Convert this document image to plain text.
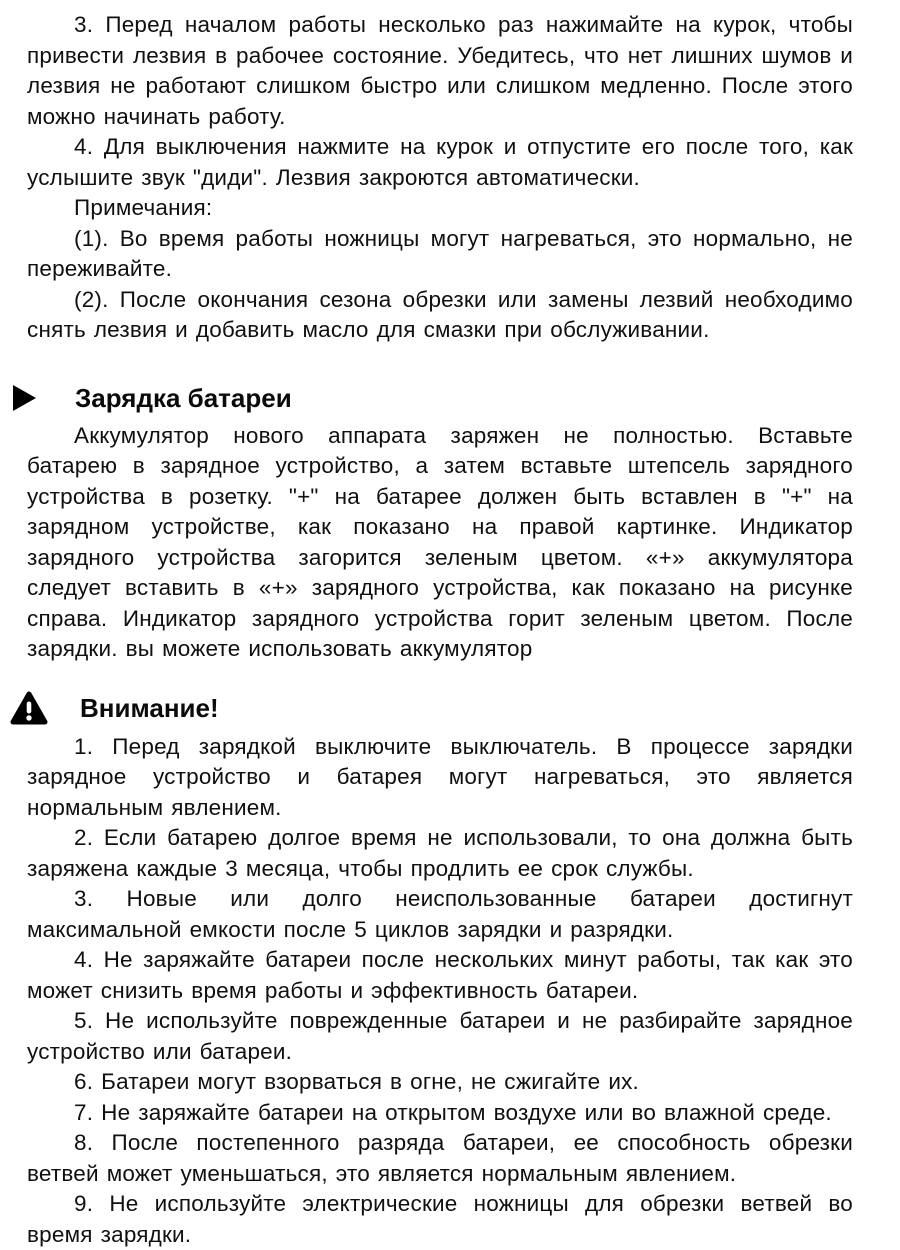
3. Перед началом работы несколько раз нажимайте на курок, чтобы привести лезвия в рабочее состояние. Убедитесь, что нет лишних шумов и лезвия не работают слишком быстро или слишком медленно. После этого можно начинать работу.

4. Для выключения нажмите на курок и отпустите его после того, как услышите звук "диди". Лезвия закроются автоматически.

Примечания:

(1). Во время работы ножницы могут нагреваться, это нормально, не переживайте.

(2). После окончания сезона обрезки или замены лезвий необходимо снять лезвия и добавить масло для смазки при обслуживании.

Зарядка батареи

Аккумулятор нового аппарата заряжен не полностью. Вставьте батарею в зарядное устройство, а затем вставьте штепсель зарядного устройства в розетку. "+" на батарее должен быть вставлен в "+" на зарядном устройстве, как показано на правой картинке. Индикатор зарядного устройства загорится зеленым цветом. «+» аккумулятора следует вставить в «+» зарядного устройства, как показано на рисунке справа. Индикатор зарядного устройства горит зеленым цветом. После зарядки. вы можете использовать аккумулятор

Внимание!

1. Перед зарядкой выключите выключатель. В процессе зарядки зарядное устройство и батарея могут нагреваться, это является нормальным явлением.

2. Если батарею долгое время не использовали, то она должна быть заряжена каждые 3 месяца, чтобы продлить ее срок службы.

3. Новые или долго неиспользованные батареи достигнут максимальной емкости после 5 циклов зарядки и разрядки.

4. Не заряжайте батареи после нескольких минут работы, так как это может снизить время работы и эффективность батареи.

5. Не используйте поврежденные батареи и не разбирайте зарядное устройство или батареи.

6. Батареи могут взорваться в огне, не сжигайте их.

7. Не заряжайте батареи на открытом воздухе или во влажной среде.

8. После постепенного разряда батареи, ее способность обрезки ветвей может уменьшаться, это является нормальным явлением.

9. Не используйте электрические ножницы для обрезки ветвей во время зарядки.
